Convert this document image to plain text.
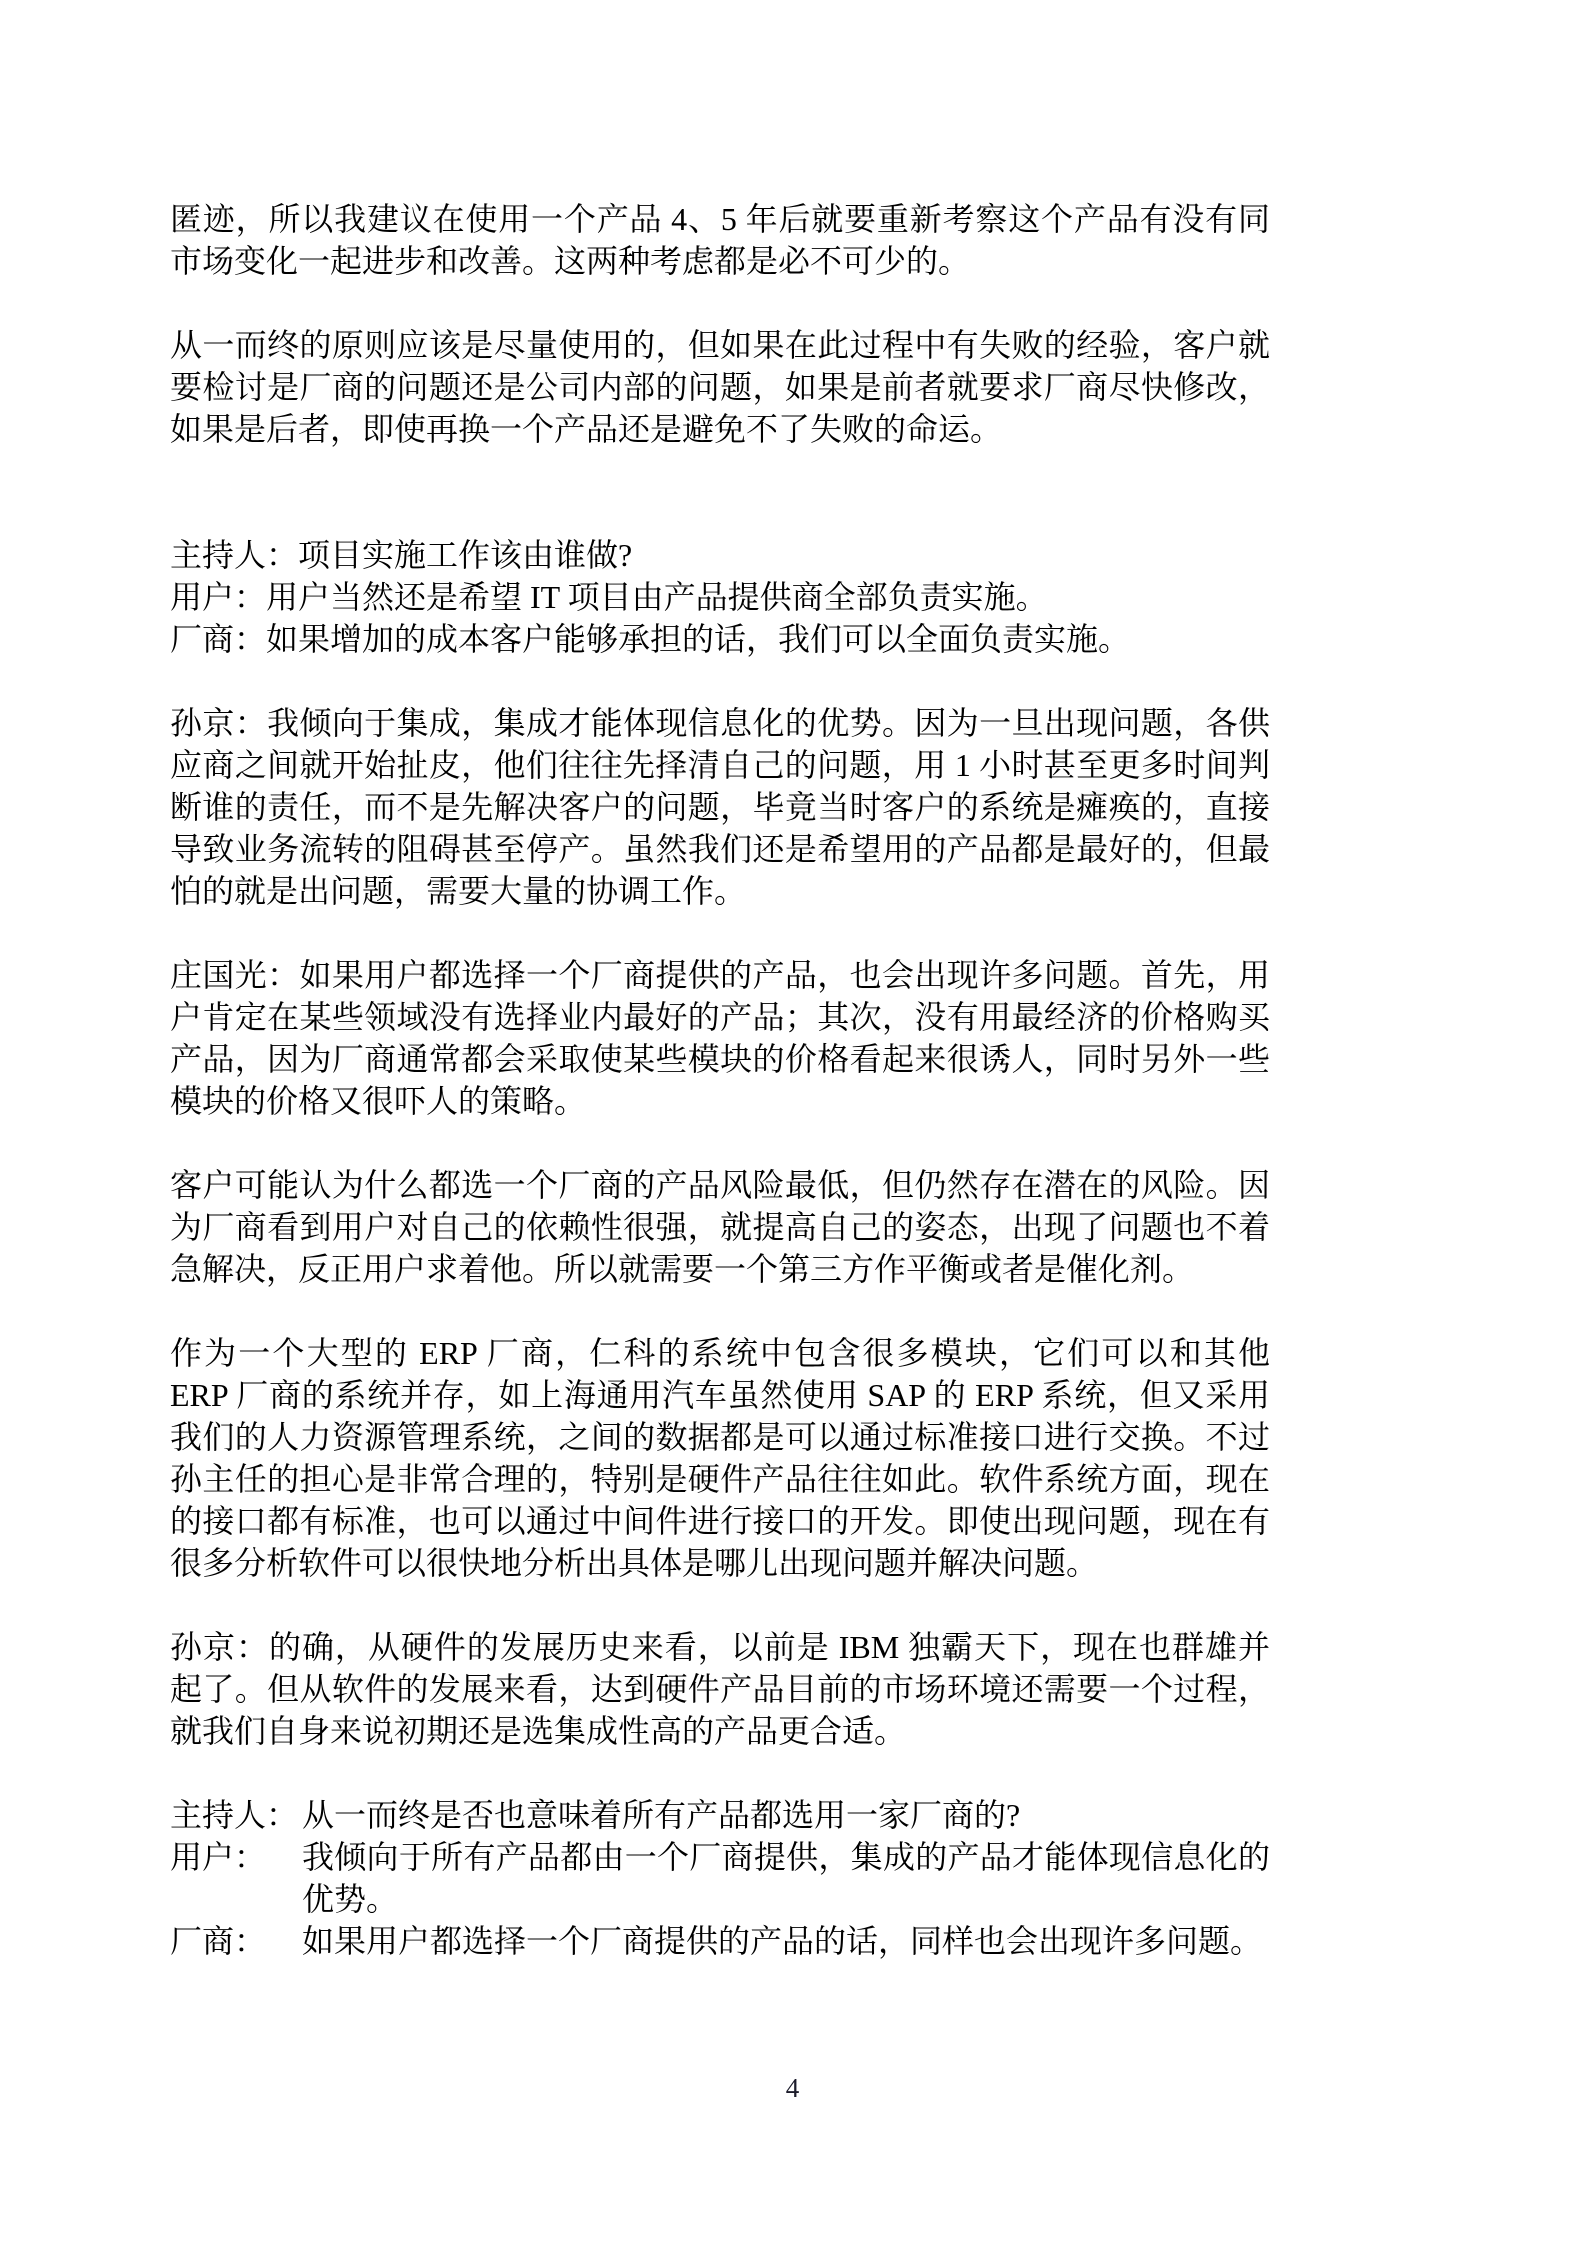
匿迹，所以我建议在使用一个产品 4、5 年后就要重新考察这个产品有没有同市场变化一起进步和改善。这两种考虑都是必不可少的。

从一而终的原则应该是尽量使用的，但如果在此过程中有失败的经验，客户就要检讨是厂商的问题还是公司内部的问题，如果是前者就要求厂商尽快修改，如果是后者，即使再换一个产品还是避免不了失败的命运。

主持人：项目实施工作该由谁做?

用户：用户当然还是希望 IT 项目由产品提供商全部负责实施。

厂商：如果增加的成本客户能够承担的话，我们可以全面负责实施。

孙京：我倾向于集成，集成才能体现信息化的优势。因为一旦出现问题，各供应商之间就开始扯皮，他们往往先择清自己的问题，用 1 小时甚至更多时间判断谁的责任，而不是先解决客户的问题，毕竟当时客户的系统是瘫痪的，直接导致业务流转的阻碍甚至停产。虽然我们还是希望用的产品都是最好的，但最怕的就是出问题，需要大量的协调工作。

庄国光：如果用户都选择一个厂商提供的产品，也会出现许多问题。首先，用户肯定在某些领域没有选择业内最好的产品；其次，没有用最经济的价格购买产品，因为厂商通常都会采取使某些模块的价格看起来很诱人，同时另外一些模块的价格又很吓人的策略。

客户可能认为什么都选一个厂商的产品风险最低，但仍然存在潜在的风险。因为厂商看到用户对自己的依赖性很强，就提高自己的姿态，出现了问题也不着急解决，反正用户求着他。所以就需要一个第三方作平衡或者是催化剂。

作为一个大型的 ERP 厂商，仁科的系统中包含很多模块，它们可以和其他 ERP 厂商的系统并存，如上海通用汽车虽然使用 SAP 的 ERP 系统，但又采用我们的人力资源管理系统，之间的数据都是可以通过标准接口进行交换。不过孙主任的担心是非常合理的，特别是硬件产品往往如此。软件系统方面，现在的接口都有标准，也可以通过中间件进行接口的开发。即使出现问题，现在有很多分析软件可以很快地分析出具体是哪儿出现问题并解决问题。

孙京：的确，从硬件的发展历史来看，以前是 IBM 独霸天下，现在也群雄并起了。但从软件的发展来看，达到硬件产品目前的市场环境还需要一个过程，就我们自身来说初期还是选集成性高的产品更合适。

主持人： 从一而终是否也意味着所有产品都选用一家厂商的?
用户：	我倾向于所有产品都由一个厂商提供，集成的产品才能体现信息化的优势。
厂商：	如果用户都选择一个厂商提供的产品的话，同样也会出现许多问题。
4
